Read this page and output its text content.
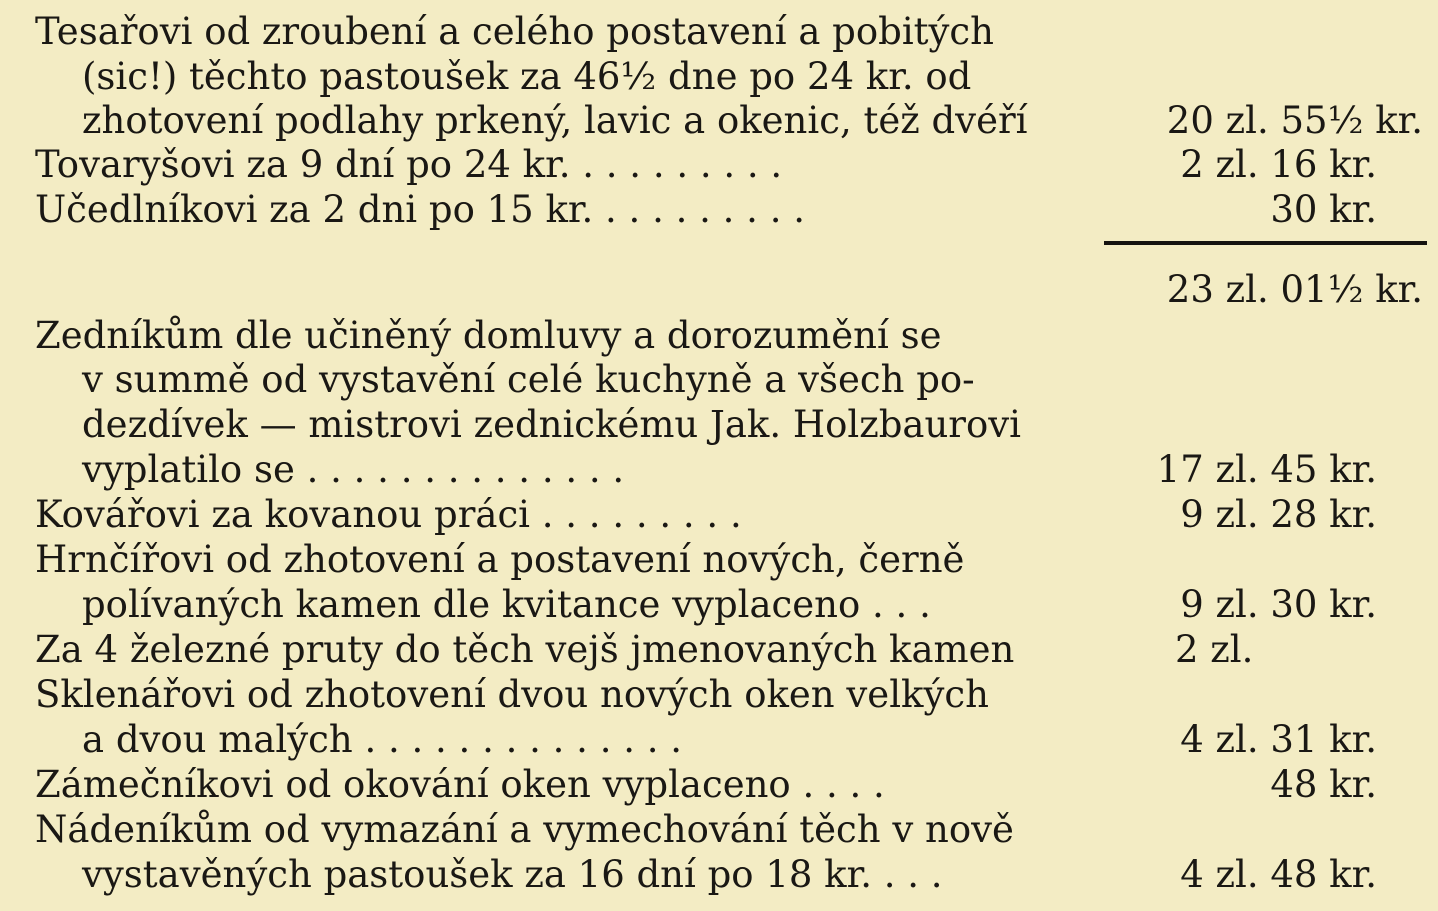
Tesařovi od zroubení a celého postavení a pobitých
(sic!) těchto pastoušek za 46½ dne po 24 kr. od
zhotovení podlahy prkený, lavic a okenic, též dvéří	20 zl. 55½ kr.
Tovaryšovi za 9 dní po 24 kr. . . . . . . . . .	2 zl. 16 kr.
Učedlníkovi za 2 dni po 15 kr. . . . . . . . . .	30 kr.
23 zl. 01½ kr.
Zedníkům dle učiněný domluvy a dorozumění se
v summě od vystavění celé kuchyně a všech po-
dezdívek — mistrovi zednickému Jak. Holzbaurovi
vyplatilo se . . . . . . . . . . . . . .	17 zl. 45 kr.
Kovářovi za kovanou práci . . . . . . . . .	9 zl. 28 kr.
Hrnčířovi od zhotovení a postavení nových, černě
polívaných kamen dle kvitance vyplaceno . . .	9 zl. 30 kr.
Za 4 železné pruty do těch vejš jmenovaných kamen	2 zl.
Sklenářovi od zhotovení dvou nových oken velkých
a dvou malých . . . . . . . . . . . . . .	4 zl. 31 kr.
Zámečníkovi od okování oken vyplaceno . . . .	48 kr.
Nádeníkům od vymazání a vymechování těch v nově
vystavěných pastoušek za 16 dní po 18 kr. . . .	4 zl. 48 kr.
